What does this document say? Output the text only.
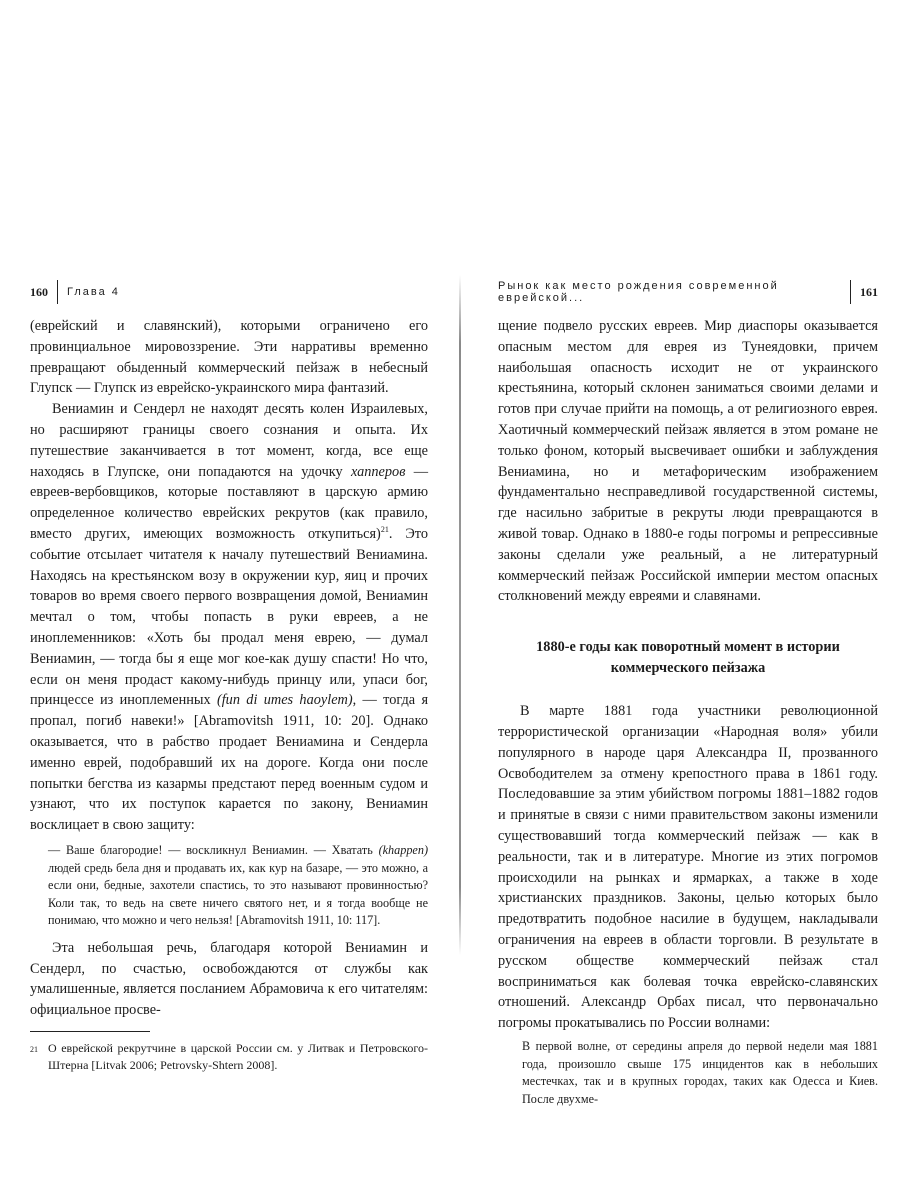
160 Глава 4

(еврейский и славянский), которыми ограничено его провинциальное мировоззрение. Эти нарративы временно превращают обыденный коммерческий пейзаж в небесный Глупск — Глупск из еврейско-украинского мира фантазий.

Вениамин и Сендерл не находят десять колен Израилевых, но расширяют границы своего сознания и опыта. Их путешествие заканчивается в тот момент, когда, все еще находясь в Глупске, они попадаются на удочку хапперов — евреев-вербовщиков, которые поставляют в царскую армию определенное количество еврейских рекрутов (как правило, вместо других, имеющих возможность откупиться)$^{21}$. Это событие отсылает читателя к началу путешествий Вениамина. Находясь на крестьянском возу в окружении кур, яиц и прочих товаров во время своего первого возвращения домой, Вениамин мечтал о том, чтобы попасть в руки евреев, а не иноплеменников: «Хоть бы продал меня еврею, — думал Вениамин, — тогда бы я еще мог кое-как душу спасти! Но что, если он меня продаст какому-нибудь принцу или, упаси бог, принцессе из иноплеменных (fun di umes haoylem), — тогда я пропал, погиб навеки!» [Abramovitsh 1911, 10: 20]. Однако оказывается, что в рабство продает Вениамина и Сендерла именно еврей, подобравший их на дороге. Когда они после попытки бегства из казармы предстают перед военным судом и узнают, что их поступок карается по закону, Вениамин восклицает в свою защиту:

— Ваше благородие! — воскликнул Вениамин. — Хватать (khappen) людей средь бела дня и продавать их, как кур на базаре, — это можно, а если они, бедные, захотели спастись, то это называют провинностью? Коли так, то ведь на свете ничего святого нет, и я тогда вообще не понимаю, что можно и чего нельзя! [Abramovitsh 1911, 10: 117].

Эта небольшая речь, благодаря которой Вениамин и Сендерл, по счастью, освобождаются от службы как умалишенные, является посланием Абрамовича к его читателям: официальное просве-

21 О еврейской рекрутчине в царской России см. у Литвак и Петровского-Штерна [Litvak 2006; Petrovsky-Shtern 2008].
Рынок как место рождения современной еврейской...	161

щение подвело русских евреев. Мир диаспоры оказывается опасным местом для еврея из Тунеядовки, причем наибольшая опасность исходит не от украинского крестьянина, который склонен заниматься своими делами и готов при случае прийти на помощь, а от религиозного еврея. Хаотичный коммерческий пейзаж является в этом романе не только фоном, который высвечивает ошибки и заблуждения Вениамина, но и метафорическим изображением фундаментально несправедливой государственной системы, где насильно забритые в рекруты люди превращаются в живой товар. Однако в 1880-е годы погромы и репрессивные законы сделали уже реальный, а не литературный коммерческий пейзаж Российской империи местом опасных столкновений между евреями и славянами.

1880-е годы как поворотный момент в истории коммерческого пейзажа

В марте 1881 года участники революционной террористической организации «Народная воля» убили популярного в народе царя Александра II, прозванного Освободителем за отмену крепостного права в 1861 году. Последовавшие за этим убийством погромы 1881–1882 годов и принятые в связи с ними правительством законы изменили существовавший тогда коммерческий пейзаж — как в реальности, так и в литературе. Многие из этих погромов происходили на рынках и ярмарках, а также в ходе христианских праздников. Законы, целью которых было предотвратить подобное насилие в будущем, накладывали ограничения на евреев в области торговли. В результате в русском обществе коммерческий пейзаж стал восприниматься как болевая точка еврейско-славянских отношений. Александр Орбах писал, что первоначально погромы прокатывались по России волнами:

В первой волне, от середины апреля до первой недели мая 1881 года, произошло свыше 175 инцидентов как в небольших местечках, так и в крупных городах, таких как Одесса и Киев. После двухме-
